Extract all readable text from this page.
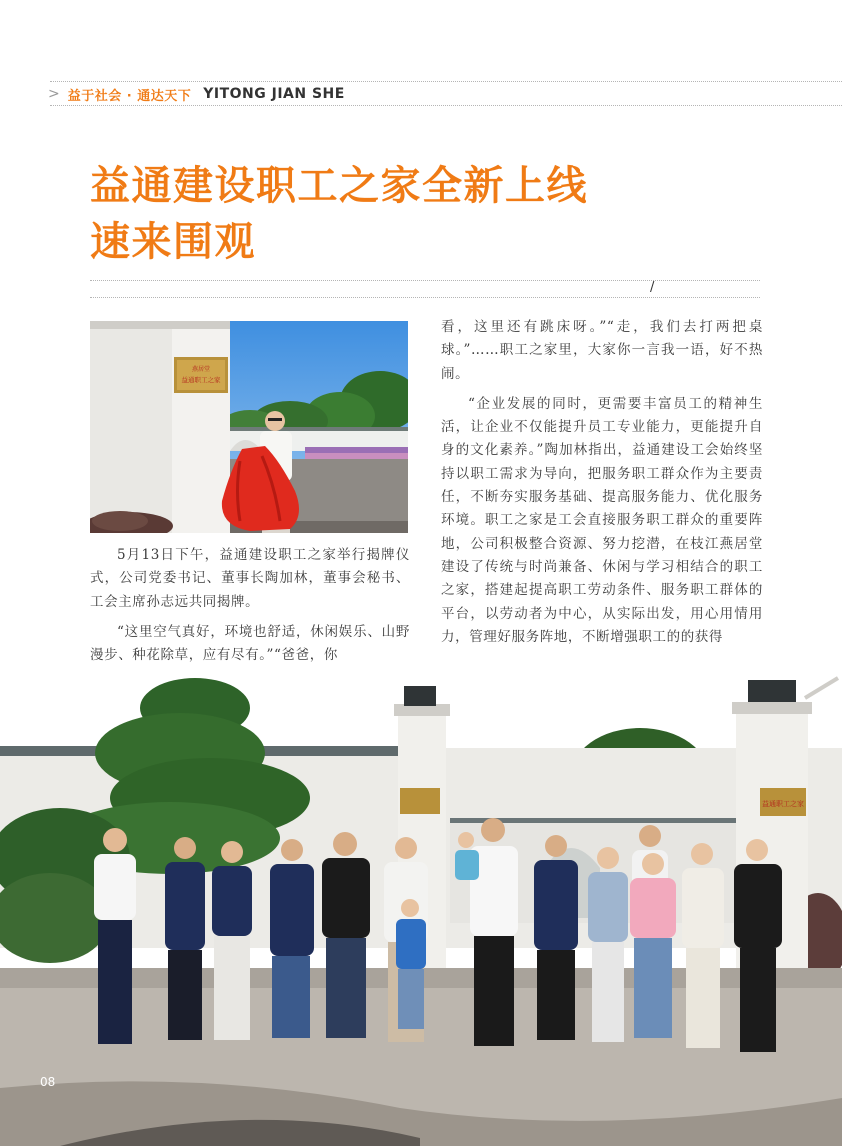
> 益于社会 · 通达天下 YITONG JIAN SHE
益通建设职工之家全新上线
速来围观
/
燕居堂
益通职工之家

5月13日下午，益通建设职工之家举行揭牌仪式，公司党委书记、董事长陶加林，董事会秘书、工会主席孙志远共同揭牌。

“这里空气真好，环境也舒适，休闲娱乐、山野漫步、种花除草，应有尽有。”“爸爸，你

看，这里还有跳床呀。”“走，我们去打两把桌球。”……职工之家里，大家你一言我一语，好不热闹。

“企业发展的同时，更需要丰富员工的精神生活，让企业不仅能提升员工专业能力，更能提升自身的文化素养。”陶加林指出，益通建设工会始终坚持以职工需求为导向，把服务职工群众作为主要责任，不断夯实服务基础、提高服务能力、优化服务环境。职工之家是工会直接服务职工群众的重要阵地，公司积极整合资源、努力挖潜，在枝江燕居堂建设了传统与时尚兼备、休闲与学习相结合的职工之家，搭建起提高职工劳动条件、服务职工群体的平台，以劳动者为中心，从实际出发，用心用情用力，管理好服务阵地，不断增强职工的的获得

益通职工之家
08
